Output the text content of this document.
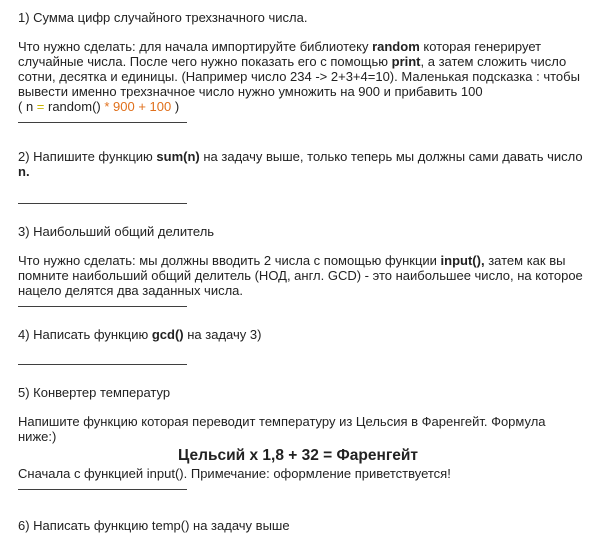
1) Сумма цифр случайного трехзначного числа.

Что нужно сделать: для начала импортируйте библиотеку random которая генерирует
случайные числа. После чего нужно показать его с помощью print, а затем сложить число
сотни, десятка и единицы. (Например число 234 -> 2+3+4=10). Маленькая подсказка : чтобы
вывести именно трехзначное число нужно умножить на 900 и прибавить 100
( n = random() * 900 + 100 )

—————————————

2) Напишите функцию sum(n) на задачу выше, только теперь мы должны сами давать число
n.

—————————————

3) Наибольший общий делитель

Что нужно сделать: мы должны вводить 2 числа с помощью функции input(), затем как вы
помните наибольший общий делитель (НОД, англ. GCD) - это наибольшее число, на которое
нацело делятся два заданных числа.

—————————————

4) Написать функцию gcd() на задачу 3)

—————————————

5) Конвертер температур

Напишите функцию которая переводит температуру из Цельсия в Фаренгейт. Формула
ниже:)

Цельсий x 1,8 + 32 = Фаренгейт

Сначала с функцией input(). Примечание: оформление приветствуется!

—————————————

6) Написать функцию temp() на задачу выше
